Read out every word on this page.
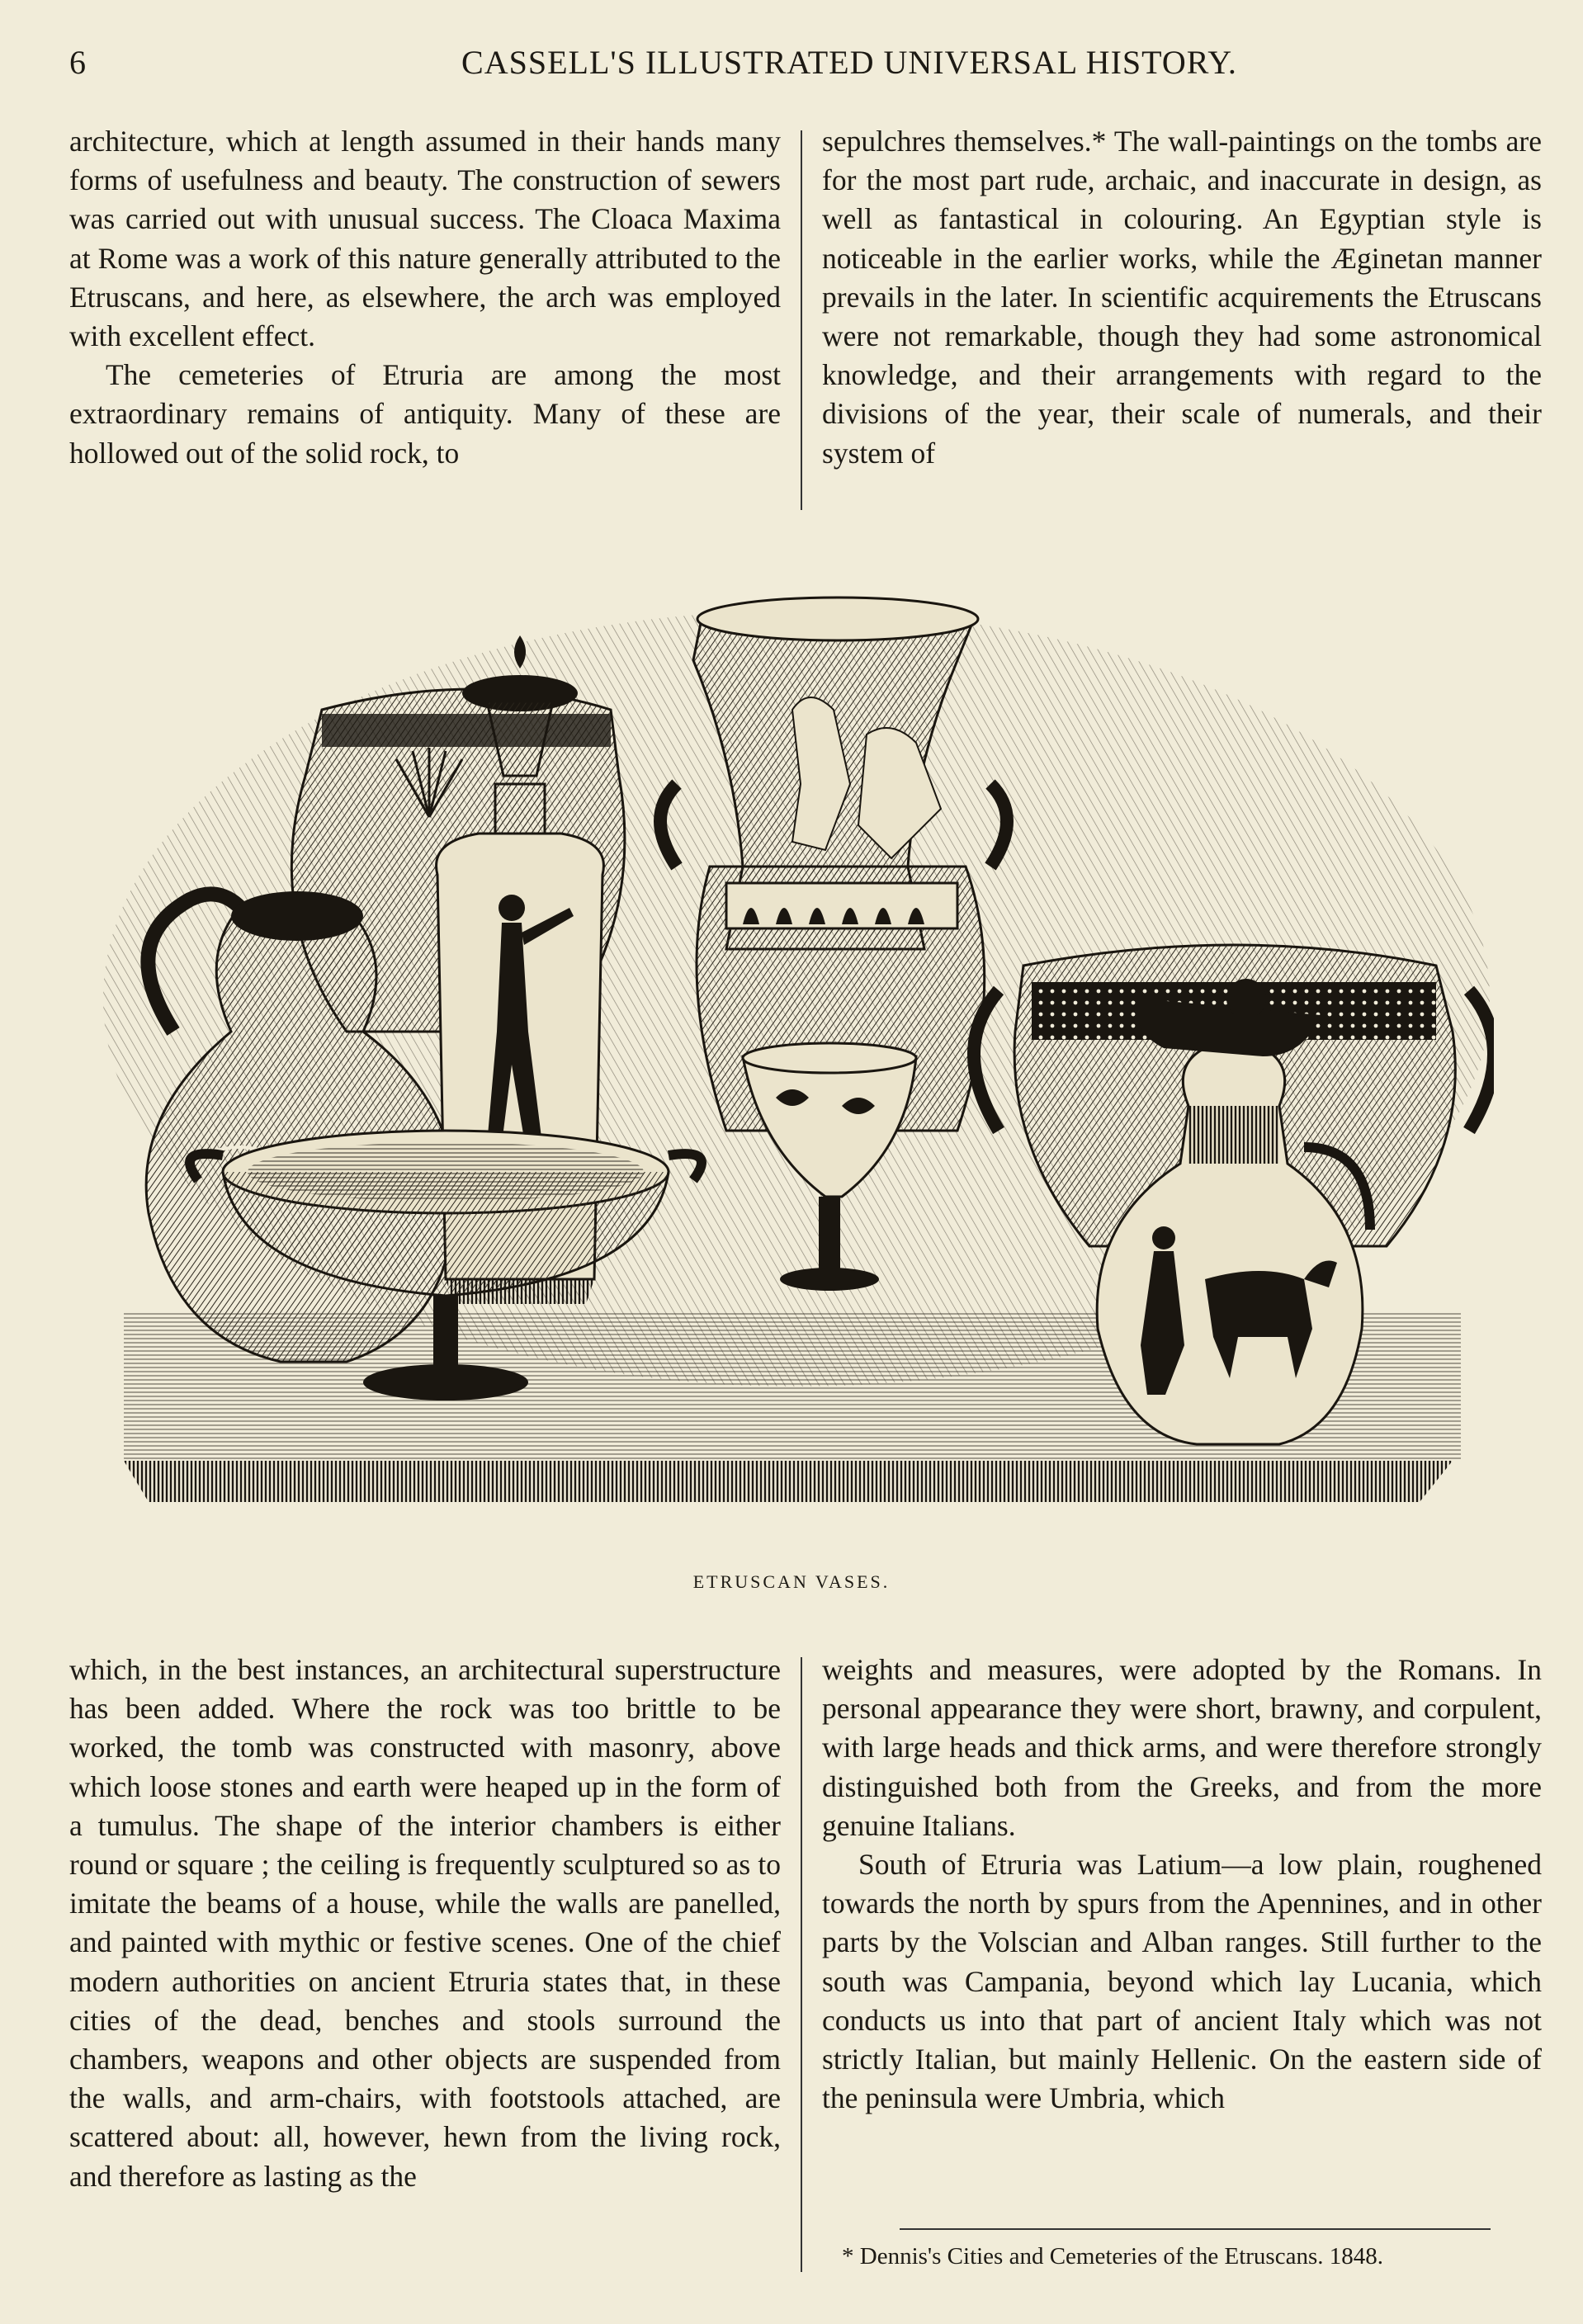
6	CASSELL'S ILLUSTRATED UNIVERSAL HISTORY.

architecture, which at length assumed in their hands many forms of usefulness and beauty. The construction of sewers was carried out with unusual success. The Cloaca Maxima at Rome was a work of this nature generally attributed to the Etruscans, and here, as elsewhere, the arch was employed with excellent effect.

The cemeteries of Etruria are among the most extraordinary remains of antiquity. Many of these are hollowed out of the solid rock, to

sepulchres themselves.* The wall-paintings on the tombs are for the most part rude, archaic, and inaccurate in design, as well as fantastical in colouring. An Egyptian style is noticeable in the earlier works, while the Æginetan manner prevails in the later. In scientific acquirements the Etruscans were not remarkable, though they had some astronomical knowledge, and their arrangements with regard to the divisions of the year, their scale of numerals, and their system of

ETRUSCAN VASES.

which, in the best instances, an architectural superstructure has been added. Where the rock was too brittle to be worked, the tomb was constructed with masonry, above which loose stones and earth were heaped up in the form of a tumulus. The shape of the interior chambers is either round or square ; the ceiling is frequently sculptured so as to imitate the beams of a house, while the walls are panelled, and painted with mythic or festive scenes. One of the chief modern authorities on ancient Etruria states that, in these cities of the dead, benches and stools surround the chambers, weapons and other objects are suspended from the walls, and arm-chairs, with footstools attached, are scattered about: all, however, hewn from the living rock, and therefore as lasting as the

weights and measures, were adopted by the Romans. In personal appearance they were short, brawny, and corpulent, with large heads and thick arms, and were therefore strongly distinguished both from the Greeks, and from the more genuine Italians.

South of Etruria was Latium—a low plain, roughened towards the north by spurs from the Apennines, and in other parts by the Volscian and Alban ranges. Still further to the south was Campania, beyond which lay Lucania, which conducts us into that part of ancient Italy which was not strictly Italian, but mainly Hellenic. On the eastern side of the peninsula were Umbria, which

* Dennis's Cities and Cemeteries of the Etruscans. 1848.
